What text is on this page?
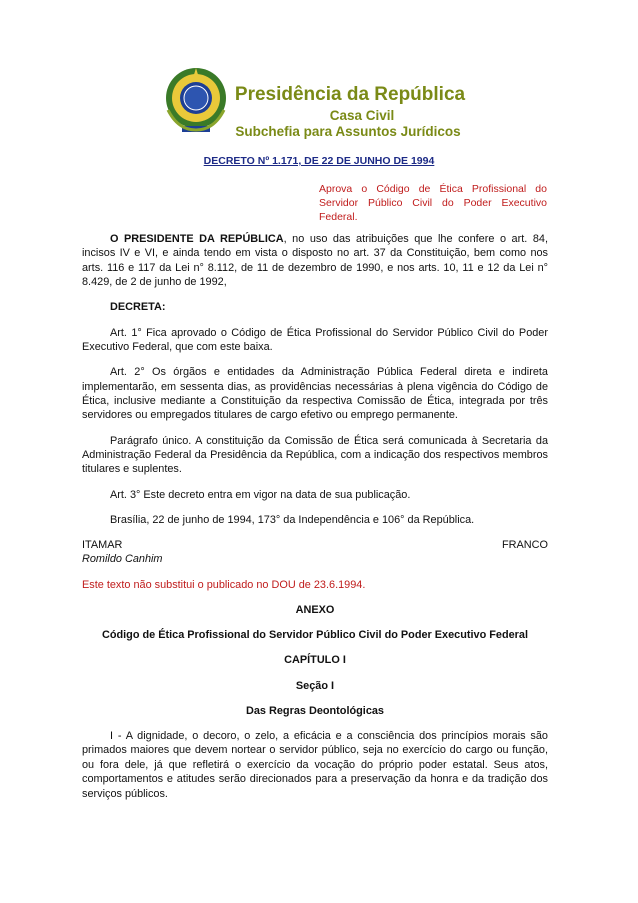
Presidência da República
Casa Civil
Subchefia para Assuntos Jurídicos
DECRETO Nº 1.171, DE 22 DE JUNHO DE 1994
Aprova o Código de Ética Profissional do Servidor Público Civil do Poder Executivo Federal.

O PRESIDENTE DA REPÚBLICA, no uso das atribuições que lhe confere o art. 84, incisos IV e VI, e ainda tendo em vista o disposto no art. 37 da Constituição, bem como nos arts. 116 e 117 da Lei n° 8.112, de 11 de dezembro de 1990, e nos arts. 10, 11 e 12 da Lei n° 8.429, de 2 de junho de 1992,

DECRETA:

Art. 1° Fica aprovado o Código de Ética Profissional do Servidor Público Civil do Poder Executivo Federal, que com este baixa.

Art. 2° Os órgãos e entidades da Administração Pública Federal direta e indireta implementarão, em sessenta dias, as providências necessárias à plena vigência do Código de Ética, inclusive mediante a Constituição da respectiva Comissão de Ética, integrada por três servidores ou empregados titulares de cargo efetivo ou emprego permanente.

Parágrafo único. A constituição da Comissão de Ética será comunicada à Secretaria da Administração Federal da Presidência da República, com a indicação dos respectivos membros titulares e suplentes.

Art. 3° Este decreto entra em vigor na data de sua publicação.

Brasília, 22 de junho de 1994, 173° da Independência e 106° da República.

ITAMAR	FRANCO

Romildo Canhim

Este texto não substitui o publicado no DOU de 23.6.1994.

ANEXO

Código de Ética Profissional do Servidor Público Civil do Poder Executivo Federal

CAPÍTULO I

Seção I

Das Regras Deontológicas

I - A dignidade, o decoro, o zelo, a eficácia e a consciência dos princípios morais são primados maiores que devem nortear o servidor público, seja no exercício do cargo ou função, ou fora dele, já que refletirá o exercício da vocação do próprio poder estatal. Seus atos, comportamentos e atitudes serão direcionados para a preservação da honra e da tradição dos serviços públicos.
